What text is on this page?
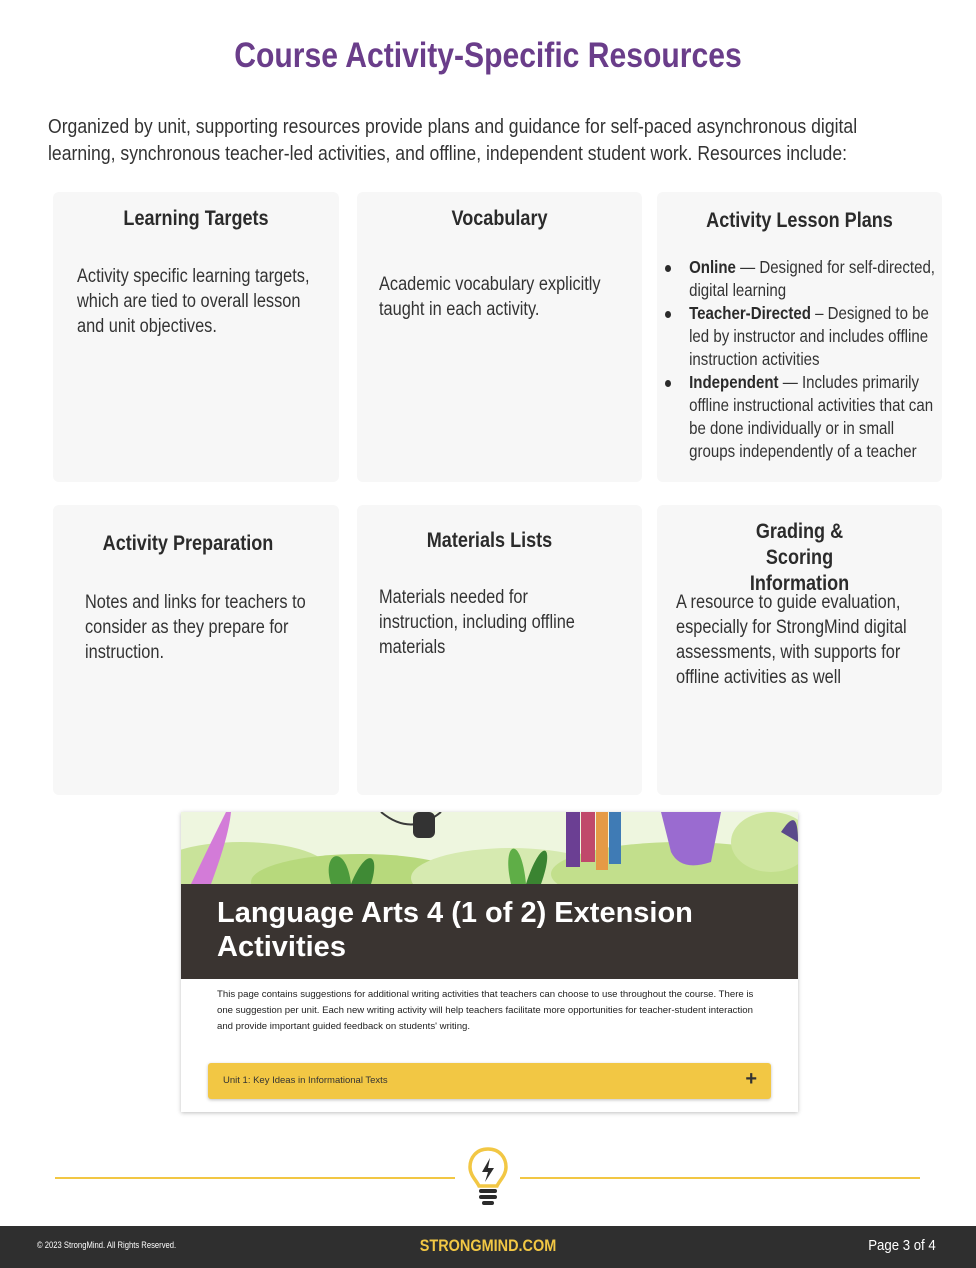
Course Activity-Specific Resources
Organized by unit, supporting resources provide plans and guidance for self-paced asynchronous digital learning, synchronous teacher-led activities, and offline, independent student work. Resources include:
Learning Targets
Activity specific learning targets, which are tied to overall lesson and unit objectives.
Vocabulary
Academic vocabulary explicitly taught in each activity.
Activity Lesson Plans
Online — Designed for self-directed, digital learning
Teacher-Directed – Designed to be led by instructor and includes offline instruction activities
Independent — Includes primarily offline instructional activities that can be done individually or in small groups independently of a teacher
Activity Preparation
Notes and links for teachers to consider as they prepare for instruction.
Materials Lists
Materials needed for instruction, including offline materials
Grading & Scoring Information
A resource to guide evaluation, especially for StrongMind digital assessments, with supports for offline activities as well
Language Arts 4 (1 of 2) Extension Activities
This page contains suggestions for additional writing activities that teachers can choose to use throughout the course. There is one suggestion per unit. Each new writing activity will help teachers facilitate more opportunities for teacher-student interaction and provide important guided feedback on students' writing.
Unit 1: Key Ideas in Informational Texts	+
© 2023 StrongMind. All Rights Reserved.	STRONGMIND.COM	Page 3 of 4
